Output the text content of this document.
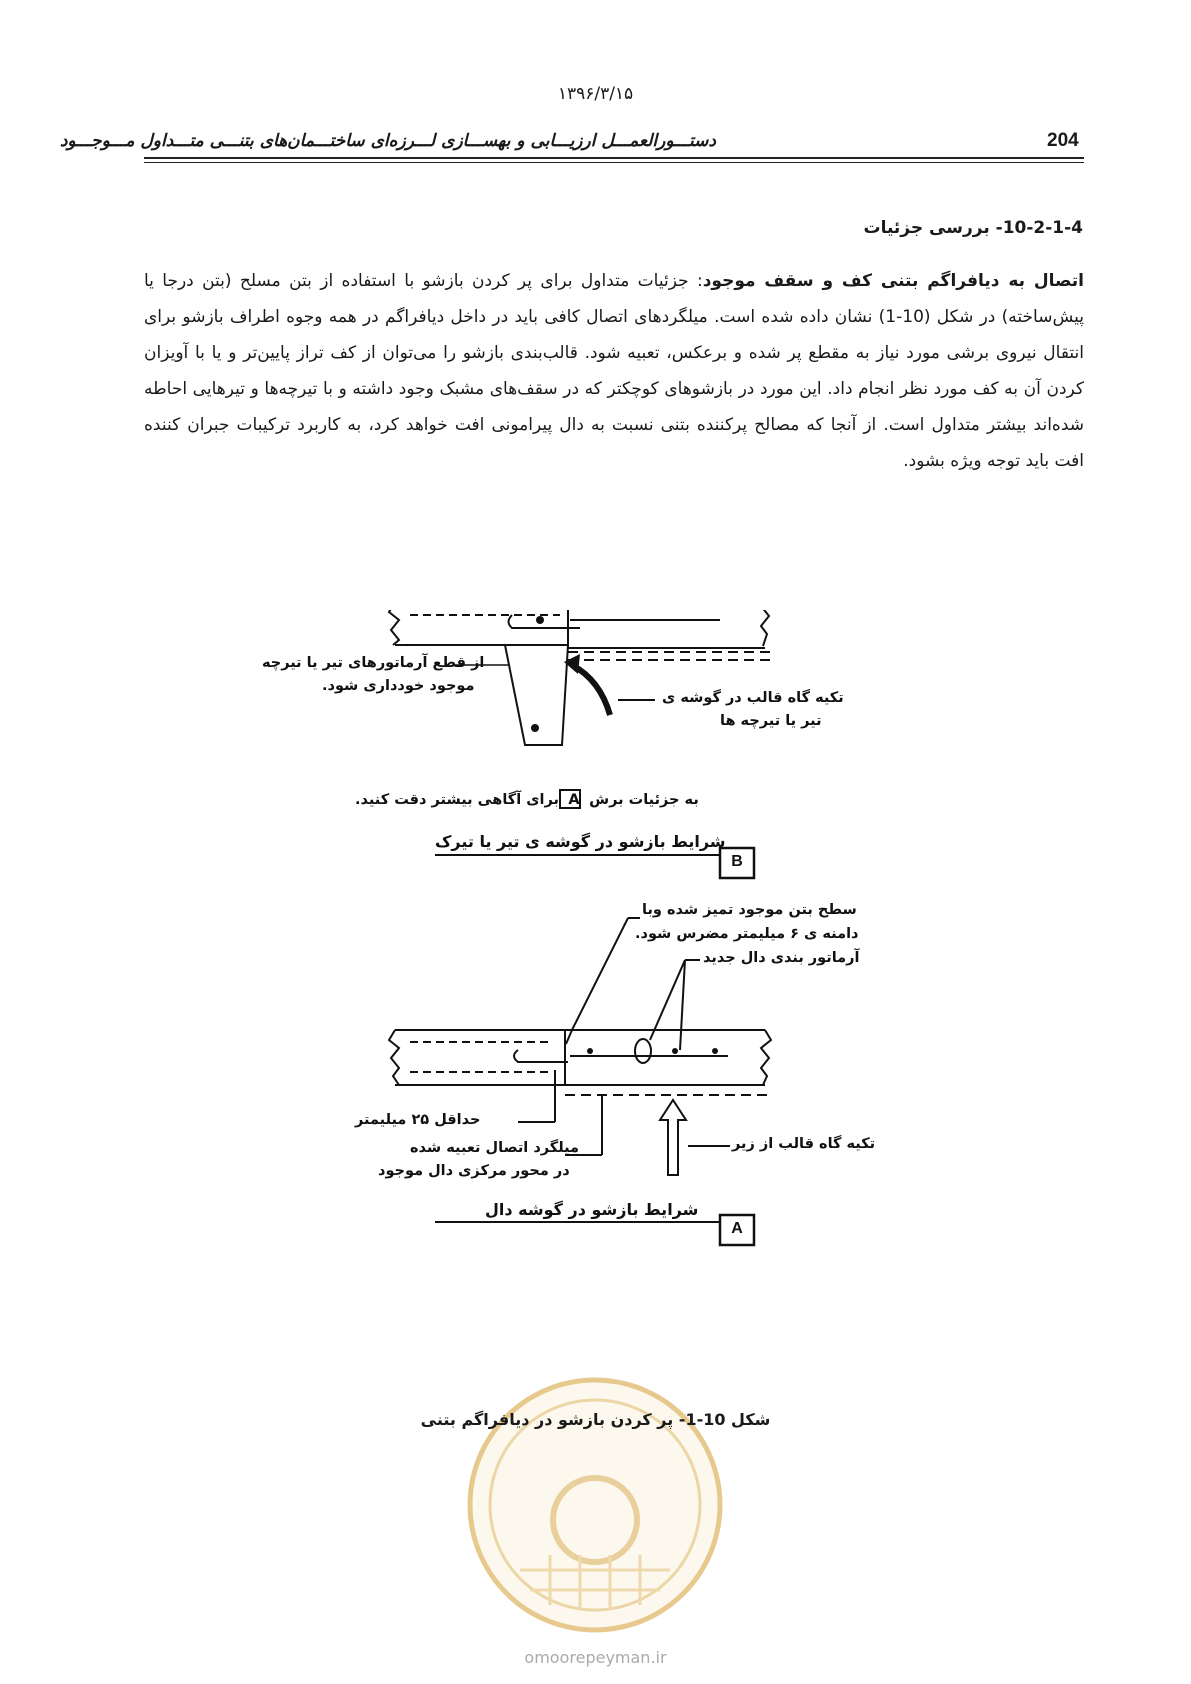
۱۳۹۶/۳/۱۵
204
دستـــورالعمـــل ارزیـــابی و بهســـازی لـــرزه‌ای ساختـــمان‌های بتنـــی متـــداول مـــوجـــود
10-2-1-4- بررسی جزئیات
اتصال به دیافراگم بتنی کف و سقف موجود: جزئیات متداول برای پر کردن بازشو با استفاده از بتن مسلح (بتن درجا یا پیش‌ساخته) در شکل (10-1) نشان داده شده است. میلگردهای اتصال کافی باید در داخل دیافراگم در همه وجوه اطراف بازشو برای انتقال نیروی برشی مورد نیاز به مقطع پر شده و برعکس، تعبیه شود. قالب‌بندی بازشو را می‌توان از کف تراز پایین‌تر و یا با آویزان کردن آن به کف مورد نظر انجام داد. این مورد در بازشوهای کوچکتر که در سقف‌های مشبک وجود داشته و با تیرچه‌ها و تیرهایی احاطه شده‌اند بیشتر متداول است. از آنجا که مصالح پرکننده بتنی نسبت به دال پیرامونی افت خواهد کرد، به کاربرد ترکیبات جبران کننده افت باید توجه ویژه بشود.
از قطع آرماتورهای تیر یا تیرچه
موجود خودداری شود.
تکیه گاه قالب در گوشه ی
تیر یا تیرچه ها
به جزئیات برش A برای آگاهی بیشتر دقت کنید.
شرایط بازشو در گوشه ی تیر یا تیرک
B
سطح بتن موجود تمیز شده وبا
دامنه ی ۶ میلیمتر مضرس شود.
آرماتور بندی دال جدید
حداقل ۲۵ میلیمتر
میلگرد اتصال تعبیه شده
در محور مرکزی دال موجود
تکیه گاه قالب از زیر
شرایط بازشو در گوشه دال
A
شکل 10-1- پر کردن بازشو در دیافراگم بتنی
omoorepeyman.ir
